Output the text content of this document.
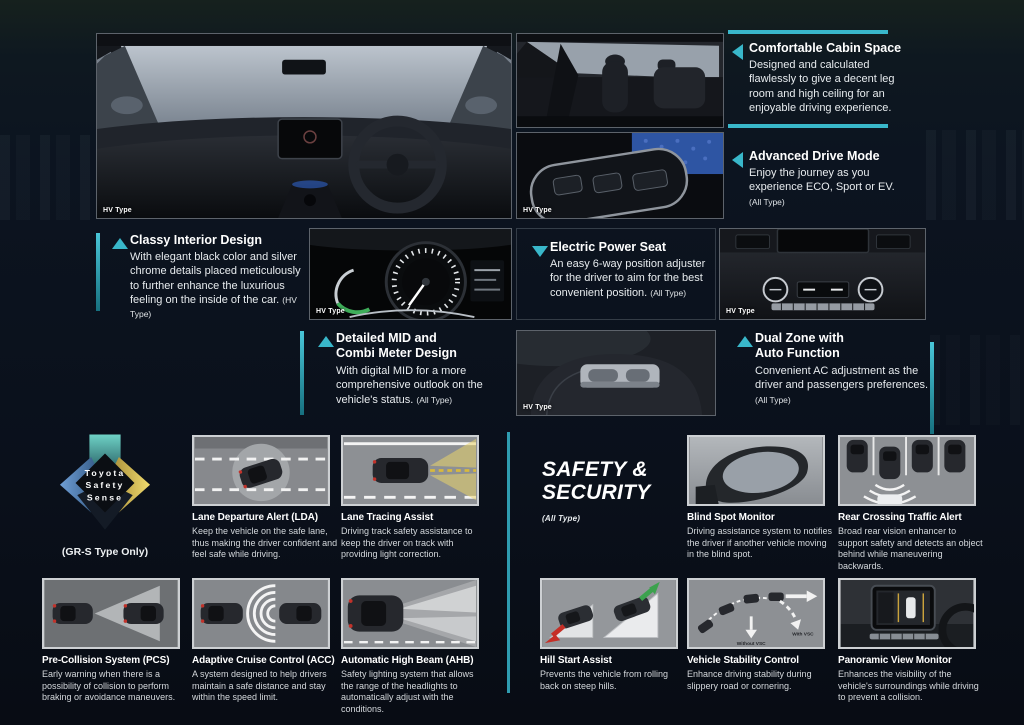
HV Type	HV Type
Comfortable Cabin Space
Designed and calculated flawlessly to give a decent leg room and high ceiling for an enjoyable driving experience.
Advanced Drive Mode
Enjoy the journey as you experience ECO, Sport or EV. (All Type)
Classy Interior Design
With elegant black color and silver chrome details placed meticulously to further enhance the luxurious feeling on the inside of the car. (HV Type)	HV Type
Electric Power Seat
An easy 6-way position adjuster for the driver to aim for the best convenient position. (All Type)
HV Type
Detailed MID and Combi Meter Design
With digital MID for a more comprehensive outlook on the vehicle's status. (All Type)
HV Type
Dual Zone with Auto Function
Convenient AC adjustment as the driver and passengers preferences. (All Type)
Toyota
Safety
Sense
(GR-S Type Only)
SAFETY &
SECURITY
(All Type)
Lane Departure Alert (LDA)
Keep the vehicle on the safe lane, thus making the driver confident and feel safe while driving.
Lane Tracing Assist
Driving track safety assistance to keep the driver on track with providing light correction.
Blind Spot Monitor
Driving assistance system to notifies the driver if another vehicle moving in the blind spot.
Rear Crossing Traffic Alert
Broad rear vision enhancer to support safety and detects an object behind while maneuvering backwards.
Pre-Collision System (PCS)
Early warning when there is a possibility of collision to perform braking or avoidance maneuvers.
Adaptive Cruise Control (ACC)
A system designed to help drivers maintain a safe distance and stay within the speed limit.
Automatic High Beam (AHB)
Safety lighting system that allows the range of the headlights to automatically adjust with the conditions.
Hill Start Assist
Prevents the vehicle from rolling back on steep hills.
Without VSC
With VSC
Vehicle Stability Control
Enhance driving stability during slippery road or cornering.
Panoramic View Monitor
Enhances the visibility of the vehicle's surroundings while driving to prevent a collision.
